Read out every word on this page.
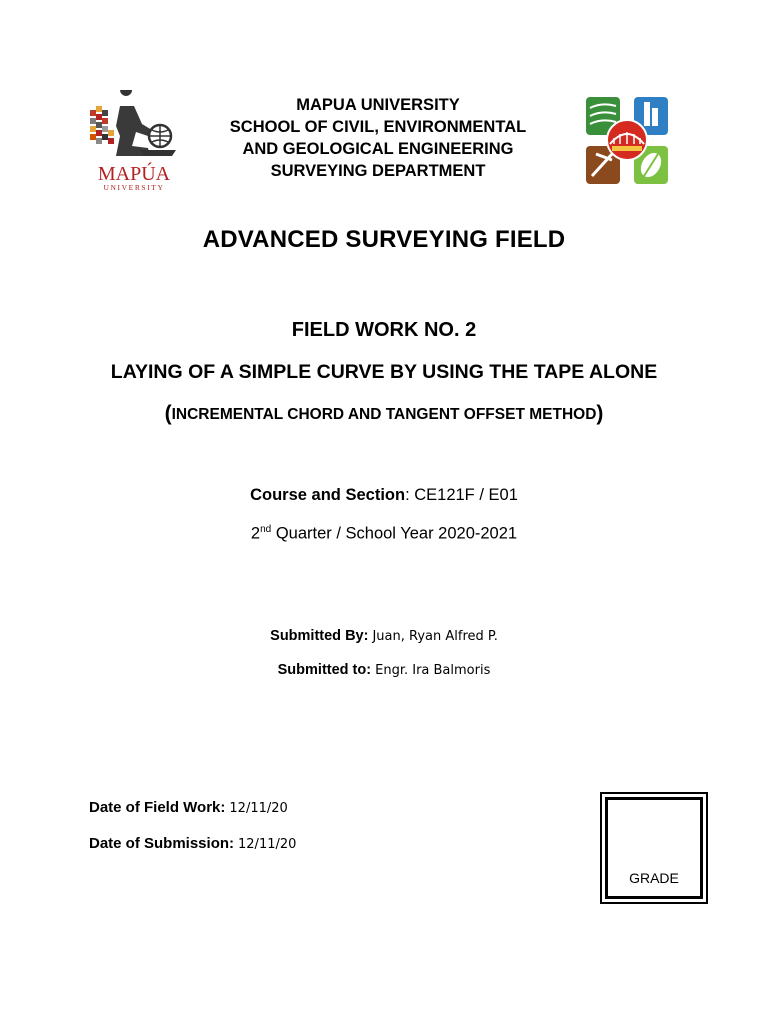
MAPÚA
UNIVERSITY
MAPUA UNIVERSITY
SCHOOL OF CIVIL, ENVIRONMENTAL
AND GEOLOGICAL ENGINEERING
SURVEYING DEPARTMENT
ADVANCED SURVEYING FIELD
FIELD WORK NO. 2
LAYING OF A SIMPLE CURVE BY USING THE TAPE ALONE
(INCREMENTAL CHORD AND TANGENT OFFSET METHOD)
Course and Section: CE121F / E01
2nd Quarter / School Year 2020-2021
Submitted By: Juan, Ryan Alfred P.
Submitted to: Engr. Ira Balmoris
Date of Field Work: 12/11/20
Date of Submission: 12/11/20
GRADE
